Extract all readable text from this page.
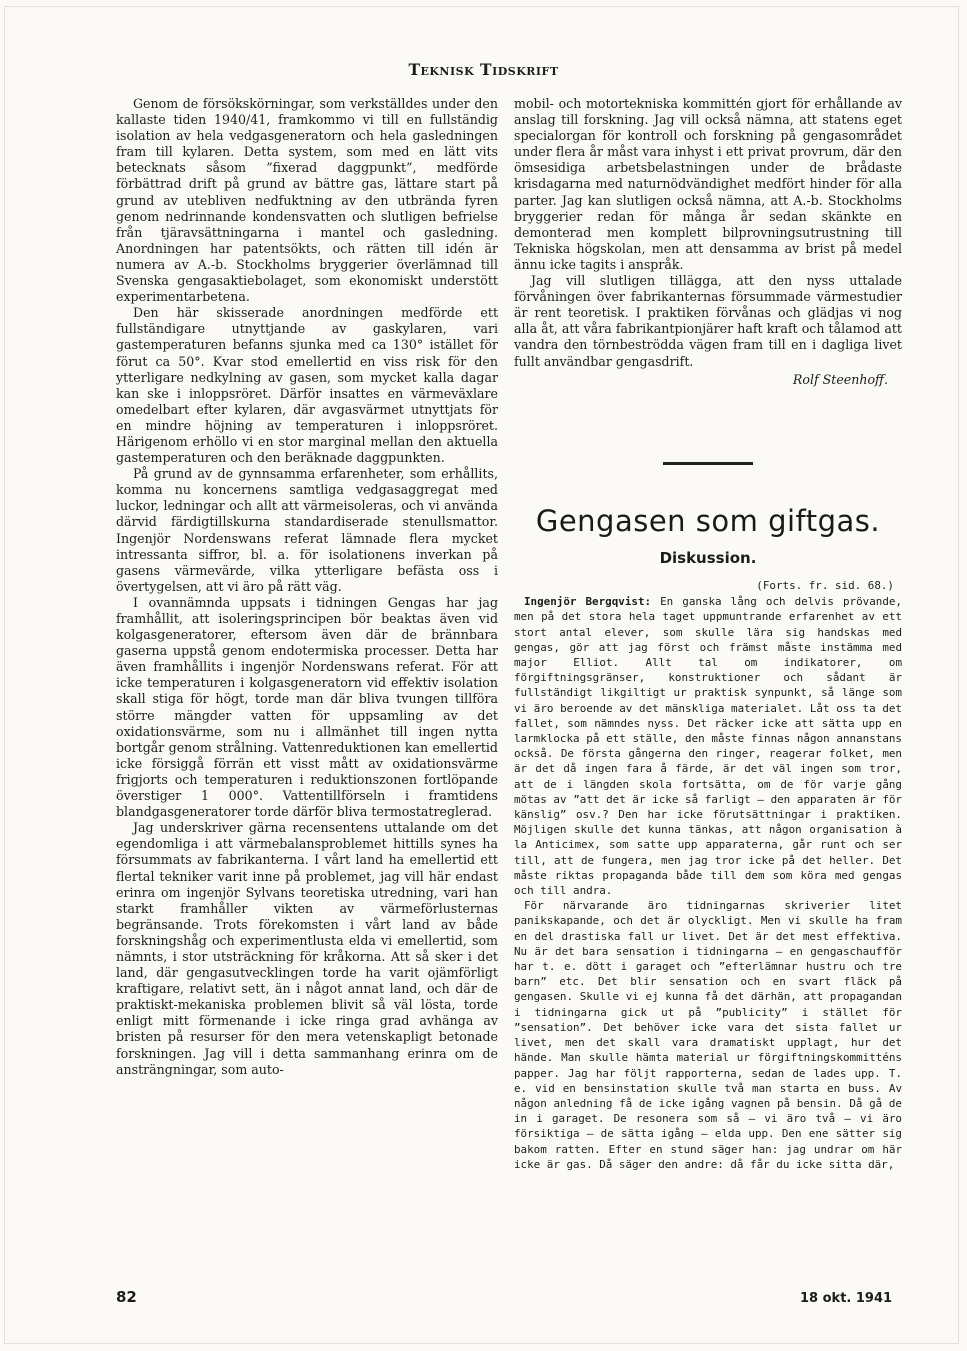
Teknisk Tidskrift

Genom de försökskörningar, som verkställdes under den kallaste tiden 1940/41, framkommo vi till en fullständig isolation av hela vedgasgeneratorn och hela gasledningen fram till kylaren. Detta system, som med en lätt vits betecknats såsom ”fixerad daggpunkt”, medförde förbättrad drift på grund av bättre gas, lättare start på grund av utebliven nedfuktning av den utbrända fyren genom nedrinnande kondensvatten och slutligen befrielse från tjäravsättningarna i mantel och gasledning. Anordningen har patentsökts, och rätten till idén är numera av A.-b. Stockholms bryggerier överlämnad till Svenska gengasaktiebolaget, som ekonomiskt understött experimentarbetena.

Den här skisserade anordningen medförde ett fullständigare utnyttjande av gaskylaren, vari gastemperaturen befanns sjunka med ca 130° istället för förut ca 50°. Kvar stod emellertid en viss risk för den ytterligare nedkylning av gasen, som mycket kalla dagar kan ske i inloppsröret. Därför insattes en värmeväxlare omedelbart efter kylaren, där avgasvärmet utnyttjats för en mindre höjning av temperaturen i inloppsröret. Härigenom erhöllo vi en stor marginal mellan den aktuella gastemperaturen och den beräknade daggpunkten.

På grund av de gynnsamma erfarenheter, som erhållits, komma nu koncernens samtliga vedgasaggregat med luckor, ledningar och allt att värmeisoleras, och vi använda därvid färdigtillskurna standardiserade stenullsmattor. Ingenjör Nordenswans referat lämnade flera mycket intressanta siffror, bl. a. för isolationens inverkan på gasens värmevärde, vilka ytterligare befästa oss i övertygelsen, att vi äro på rätt väg.

I ovannämnda uppsats i tidningen Gengas har jag framhållit, att isoleringsprincipen bör beaktas även vid kolgasgeneratorer, eftersom även där de brännbara gaserna uppstå genom endotermiska processer. Detta har även framhållits i ingenjör Nordenswans referat. För att icke temperaturen i kolgasgeneratorn vid effektiv isolation skall stiga för högt, torde man där bliva tvungen tillföra större mängder vatten för uppsamling av det oxidationsvärme, som nu i allmänhet till ingen nytta bortgår genom strålning. Vattenreduktionen kan emellertid icke försiggå förrän ett visst mått av oxidationsvärme frigjorts och temperaturen i reduktionszonen fortlöpande överstiger 1 000°. Vattentillförseln i framtidens blandgasgeneratorer torde därför bliva termostatreglerad.

Jag underskriver gärna recensentens uttalande om det egendomliga i att värmebalansproblemet hittills synes ha försummats av fabrikanterna. I vårt land ha emellertid ett flertal tekniker varit inne på problemet, jag vill här endast erinra om ingenjör Sylvans teoretiska utredning, vari han starkt framhåller vikten av värmeförlusternas begränsande. Trots förekomsten i vårt land av både forskningshåg och experimentlusta elda vi emellertid, som nämnts, i stor utsträckning för kråkorna. Att så sker i det land, där gengasutvecklingen torde ha varit ojämförligt kraftigare, relativt sett, än i något annat land, och där de praktiskt-mekaniska problemen blivit så väl lösta, torde enligt mitt förmenande i icke ringa grad avhänga av bristen på resurser för den mera vetenskapligt betonade forskningen. Jag vill i detta sammanhang erinra om de ansträngningar, som auto-

mobil- och motortekniska kommittén gjort för erhållande av anslag till forskning. Jag vill också nämna, att statens eget specialorgan för kontroll och forskning på gengasområdet under flera år måst vara inhyst i ett privat provrum, där den ömsesidiga arbetsbelastningen under de brådaste krisdagarna med naturnödvändighet medfört hinder för alla parter. Jag kan slutligen också nämna, att A.-b. Stockholms bryggerier redan för många år sedan skänkte en demonterad men komplett bilprovningsutrustning till Tekniska högskolan, men att densamma av brist på medel ännu icke tagits i anspråk.

Jag vill slutligen tillägga, att den nyss uttalade förvåningen över fabrikanternas försummade värmestudier är rent teoretisk. I praktiken förvånas och glädjas vi nog alla åt, att våra fabrikantpionjärer haft kraft och tålamod att vandra den törnbeströdda vägen fram till en i dagliga livet fullt användbar gengasdrift.

Rolf Steenhoff.
Gengasen som giftgas.
Diskussion.
(Forts. fr. sid. 68.)

Ingenjör Bergqvist: En ganska lång och delvis prövande, men på det stora hela taget uppmuntrande erfarenhet av ett stort antal elever, som skulle lära sig handskas med gengas, gör att jag först och främst måste instämma med major Elliot. Allt tal om indikatorer, om förgiftningsgränser, konstruktioner och sådant är fullständigt likgiltigt ur praktisk synpunkt, så länge som vi äro beroende av det mänskliga materialet. Låt oss ta det fallet, som nämndes nyss. Det räcker icke att sätta upp en larmklocka på ett ställe, den måste finnas någon annanstans också. De första gångerna den ringer, reagerar folket, men är det då ingen fara å färde, är det väl ingen som tror, att de i längden skola fortsätta, om de för varje gång mötas av ”att det är icke så farligt — den apparaten är för känslig” osv.? Den har icke förutsättningar i praktiken. Möjligen skulle det kunna tänkas, att någon organisation à la Anticimex, som satte upp apparaterna, går runt och ser till, att de fungera, men jag tror icke på det heller. Det måste riktas propaganda både till dem som köra med gengas och till andra.

För närvarande äro tidningarnas skriverier litet panikskapande, och det är olyckligt. Men vi skulle ha fram en del drastiska fall ur livet. Det är det mest effektiva. Nu är det bara sensation i tidningarna — en gengaschaufför har t. e. dött i garaget och ”efterlämnar hustru och tre barn” etc. Det blir sensation och en svart fläck på gengasen. Skulle vi ej kunna få det därhän, att propagandan i tidningarna gick ut på ”publicity” i stället för ”sensation”. Det behöver icke vara det sista fallet ur livet, men det skall vara dramatiskt upplagt, hur det hände. Man skulle hämta material ur förgiftningskommitténs papper. Jag har följt rapporterna, sedan de lades upp. T. e. vid en bensinstation skulle två man starta en buss. Av någon anledning få de icke igång vagnen på bensin. Då gå de in i garaget. De resonera som så — vi äro två — vi äro försiktiga — de sätta igång — elda upp. Den ene sätter sig bakom ratten. Efter en stund säger han: jag undrar om här icke är gas. Då säger den andre: då får du icke sitta där,

82	18 okt. 1941
